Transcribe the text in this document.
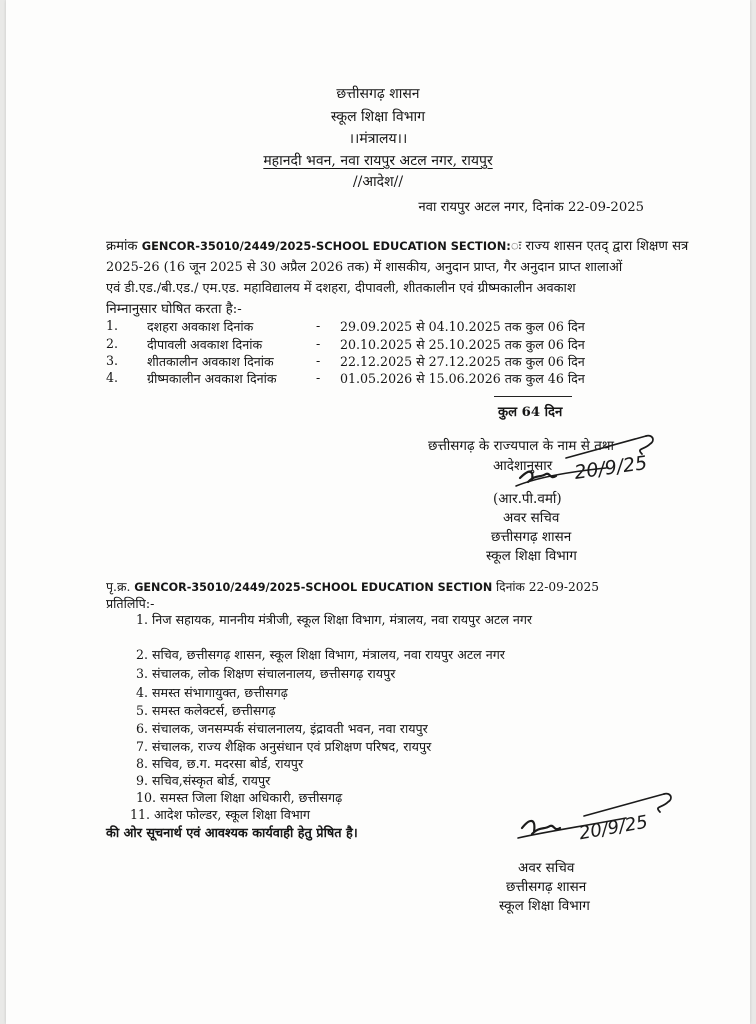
छत्तीसगढ़ शासन
स्कूल शिक्षा विभाग
।।मंत्रालय।।
महानदी भवन, नवा रायपुर अटल नगर, रायपुर
//आदेश//
नवा रायपुर अटल नगर, दिनांक 22-09-2025
क्रमांक GENCOR-35010/2449/2025-SCHOOL EDUCATION SECTION:ः राज्य शासन एतद् द्वारा शिक्षण सत्र
2025-26 (16 जून 2025 से 30 अप्रैल 2026 तक) में शासकीय, अनुदान प्राप्त, गैर अनुदान प्राप्त शालाओं
एवं डी.एड./बी.एड./ एम.एड. महाविद्यालय में दशहरा, दीपावली, शीतकालीन एवं ग्रीष्मकालीन अवकाश
निम्नानुसार घोषित करता है:-
1. दशहरा अवकाश दिनांक	- 29.09.2025 से 04.10.2025 तक कुल 06 दिन
2. दीपावली अवकाश दिनांक	- 20.10.2025 से 25.10.2025 तक कुल 06 दिन
3. शीतकालीन अवकाश दिनांक	- 22.12.2025 से 27.12.2025 तक कुल 06 दिन
4. ग्रीष्मकालीन अवकाश दिनांक	- 01.05.2026 से 15.06.2026 तक कुल 46 दिन
कुल 64 दिन
छत्तीसगढ़ के राज्यपाल के नाम से तथा
आदेशानुसार 20/9/25
(आर.पी.वर्मा)
अवर सचिव
छत्तीसगढ़ शासन
स्कूल शिक्षा विभाग
पृ.क्र. GENCOR-35010/2449/2025-SCHOOL EDUCATION SECTION दिनांक 22-09-2025
प्रतिलिपि:-
1. निज सहायक, माननीय मंत्रीजी, स्कूल शिक्षा विभाग, मंत्रालय, नवा रायपुर अटल नगर
2. सचिव, छत्तीसगढ़ शासन, स्कूल शिक्षा विभाग, मंत्रालय, नवा रायपुर अटल नगर
3. संचालक, लोक शिक्षण संचालनालय, छत्तीसगढ़ रायपुर
4. समस्त संभागायुक्त, छत्तीसगढ़
5. समस्त कलेक्टर्स, छत्तीसगढ़
6. संचालक, जनसम्पर्क संचालनालय, इंद्रावती भवन, नवा रायपुर
7. संचालक, राज्य शैक्षिक अनुसंधान एवं प्रशिक्षण परिषद, रायपुर
8. सचिव, छ.ग. मदरसा बोर्ड, रायपुर
9. सचिव,संस्कृत बोर्ड, रायपुर
10. समस्त जिला शिक्षा अधिकारी, छत्तीसगढ़
11. आदेश फोल्डर, स्कूल शिक्षा विभाग
की ओर सूचनार्थ एवं आवश्यक कार्यवाही हेतु प्रेषित है।	20/9/25
अवर सचिव
छत्तीसगढ़ शासन
स्कूल शिक्षा विभाग
